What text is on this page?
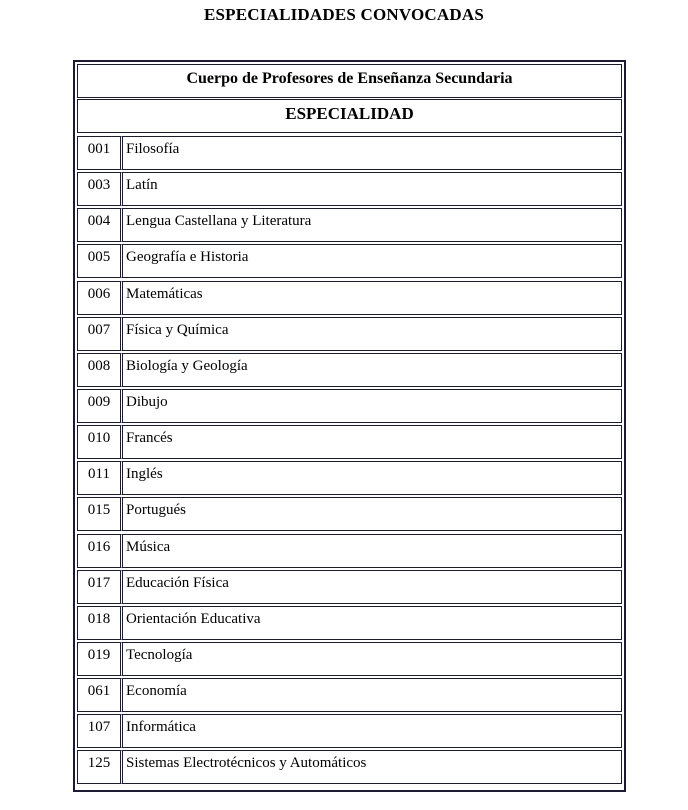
ESPECIALIDADES CONVOCADAS
Cuerpo de Profesores de Enseñanza Secundaria
ESPECIALIDAD
001	Filosofía
003	Latín
004	Lengua Castellana y Literatura
005	Geografía e Historia
006	Matemáticas
007	Física y Química
008	Biología y Geología
009	Dibujo
010	Francés
011	Inglés
015	Portugués
016	Música
017	Educación Física
018	Orientación Educativa
019	Tecnología
061	Economía
107	Informática
125	Sistemas Electrotécnicos y Automáticos
